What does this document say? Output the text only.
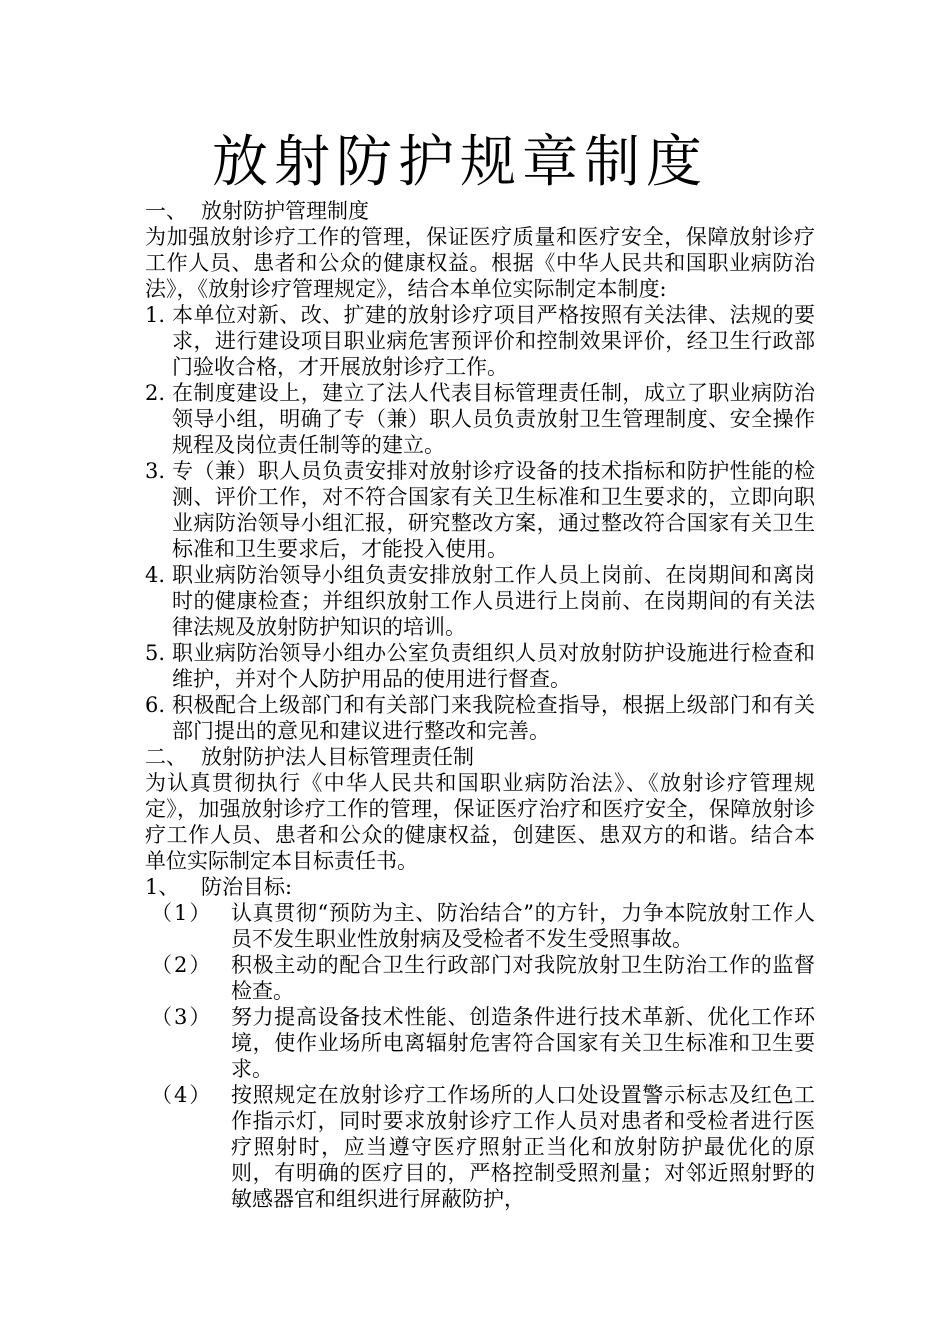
放射防护规章制度
一、 放射防护管理制度
为加强放射诊疗工作的管理，保证医疗质量和医疗安全，保障放射诊疗工作人员、患者和公众的健康权益。根据《中华人民共和国职业病防治法》，《放射诊疗管理规定》，结合本单位实际制定本制度:
1. 本单位对新、改、扩建的放射诊疗项目严格按照有关法律、法规的要求，进行建设项目职业病危害预评价和控制效果评价，经卫生行政部门验收合格，才开展放射诊疗工作。
2. 在制度建设上，建立了法人代表目标管理责任制，成立了职业病防治领导小组，明确了专（兼）职人员负责放射卫生管理制度、安全操作规程及岗位责任制等的建立。
3. 专（兼）职人员负责安排对放射诊疗设备的技术指标和防护性能的检测、评价工作，对不符合国家有关卫生标准和卫生要求的，立即向职业病防治领导小组汇报，研究整改方案，通过整改符合国家有关卫生标准和卫生要求后，才能投入使用。
4. 职业病防治领导小组负责安排放射工作人员上岗前、在岗期间和离岗时的健康检查；并组织放射工作人员进行上岗前、在岗期间的有关法律法规及放射防护知识的培训。
5. 职业病防治领导小组办公室负责组织人员对放射防护设施进行检查和维护，并对个人防护用品的使用进行督查。
6. 积极配合上级部门和有关部门来我院检查指导，根据上级部门和有关部门提出的意见和建议进行整改和完善。
二、 放射防护法人目标管理责任制
为认真贯彻执行《中华人民共和国职业病防治法》、《放射诊疗管理规定》，加强放射诊疗工作的管理，保证医疗治疗和医疗安全，保障放射诊疗工作人员、患者和公众的健康权益，创建医、患双方的和谐。结合本单位实际制定本目标责任书。
1、 防治目标:
（1） 认真贯彻“预防为主、防治结合”的方针，力争本院放射工作人员不发生职业性放射病及受检者不发生受照事故。
（2） 积极主动的配合卫生行政部门对我院放射卫生防治工作的监督检查。
（3） 努力提高设备技术性能、创造条件进行技术革新、优化工作环境，使作业场所电离辐射危害符合国家有关卫生标准和卫生要求。
（4） 按照规定在放射诊疗工作场所的人口处设置警示标志及红色工作指示灯，同时要求放射诊疗工作人员对患者和受检者进行医疗照射时，应当遵守医疗照射正当化和放射防护最优化的原则，有明确的医疗目的，严格控制受照剂量；对邻近照射野的敏感器官和组织进行屏蔽防护，
